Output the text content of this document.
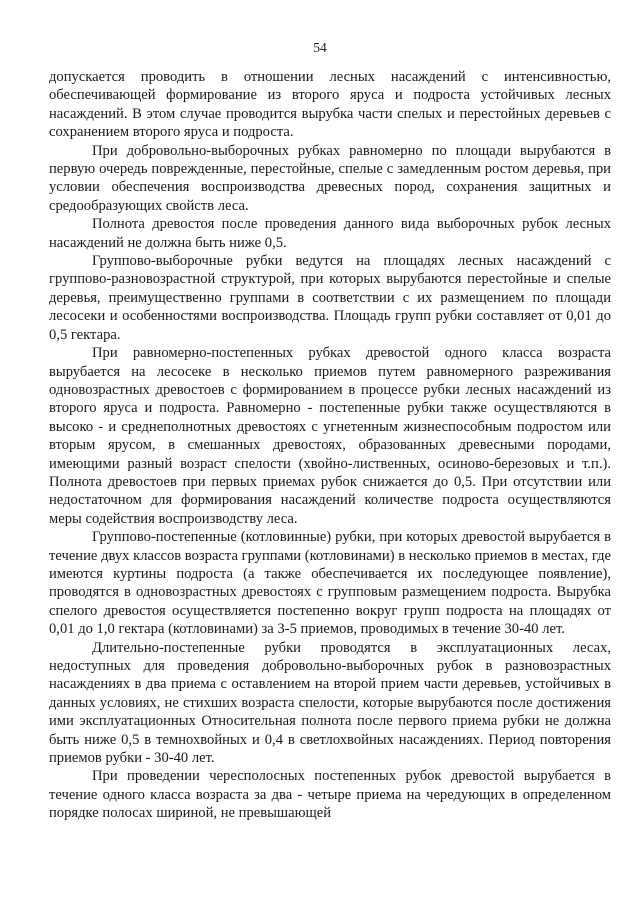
54

допускается проводить в отношении лесных насаждений с интенсивностью, обеспечивающей формирование из второго яруса и подроста устойчивых лесных насаждений. В этом случае проводится вырубка части спелых и перестойных деревьев с сохранением второго яруса и подроста.

При добровольно-выборочных рубках равномерно по площади вырубаются в первую очередь поврежденные, перестойные, спелые с замедленным ростом деревья, при условии обеспечения воспроизводства древесных пород, сохранения защитных и средообразующих свойств леса.

Полнота древостоя после проведения данного вида выборочных рубок лесных насаждений не должна быть ниже 0,5.

Группово-выборочные рубки ведутся на площадях лесных насаждений с группово-разновозрастной структурой, при которых вырубаются перестойные и спелые деревья, преимущественно группами в соответствии с их размещением по площади лесосеки и особенностями воспроизводства. Площадь групп рубки составляет от 0,01 до 0,5 гектара.

При равномерно-постепенных рубках древостой одного класса возраста вырубается на лесосеке в несколько приемов путем равномерного разреживания одновозрастных древостоев с формированием в процессе рубки лесных насаждений из второго яруса и подроста. Равномерно - постепенные рубки также осуществляются в высоко - и среднеполнотных древостоях с угнетенным жизнеспособным подростом или вторым ярусом, в смешанных древостоях, образованных древесными породами, имеющими разный возраст спелости (хвойно-лиственных, осиново-березовых и т.п.). Полнота древостоев при первых приемах рубок снижается до 0,5. При отсутствии или недостаточном для формирования насаждений количестве подроста осуществляются меры содействия воспроизводству леса.

Группово-постепенные (котловинные) рубки, при которых древостой вырубается в течение двух классов возраста группами (котловинами) в несколько приемов в местах, где имеются куртины подроста (а также обеспечивается их последующее появление), проводятся в одновозрастных древостоях с групповым размещением подроста. Вырубка спелого древостоя осуществляется постепенно вокруг групп подроста на площадях от 0,01 до 1,0 гектара (котловинами) за 3-5 приемов, проводимых в течение 30-40 лет.

Длительно-постепенные рубки проводятся в эксплуатационных лесах, недоступных для проведения добровольно-выборочных рубок в разновозрастных насаждениях в два приема с оставлением на второй прием части деревьев, устойчивых в данных условиях, не стихших возраста спелости, которые вырубаются после достижения ими эксплуатационных Относительная полнота после первого приема рубки не должна быть ниже 0,5 в темнохвойных и 0,4 в светлохвойных насаждениях. Период повторения приемов рубки - 30-40 лет.

При проведении чересполосных постепенных рубок древостой вырубается в течение одного класса возраста за два - четыре приема на чередующих в определенном порядке полосах шириной, не превышающей
